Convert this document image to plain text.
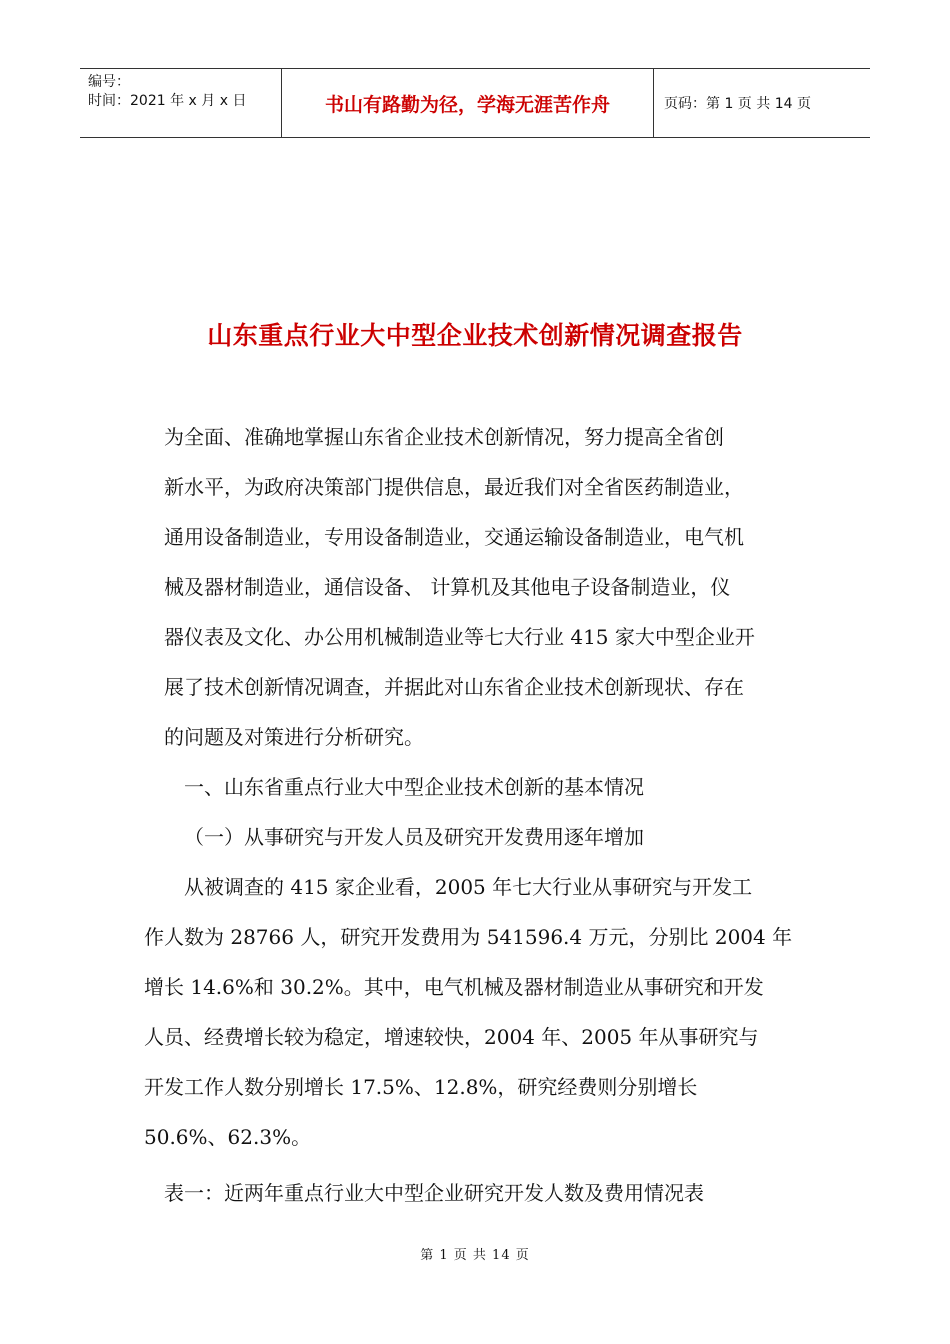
编号：
时间：2021 年 x 月 x 日	书山有路勤为径，学海无涯苦作舟	页码：第 1 页 共 14 页
山东重点行业大中型企业技术创新情况调查报告

为全面、准确地掌握山东省企业技术创新情况，努力提高全省创
新水平，为政府决策部门提供信息，最近我们对全省医药制造业，
通用设备制造业，专用设备制造业，交通运输设备制造业，电气机
械及器材制造业，通信设备、 计算机及其他电子设备制造业，仪
器仪表及文化、办公用机械制造业等七大行业 415 家大中型企业开
展了技术创新情况调查，并据此对山东省企业技术创新现状、存在
的问题及对策进行分析研究。

一、山东省重点行业大中型企业技术创新的基本情况

（一）从事研究与开发人员及研究开发费用逐年增加

从被调查的 415 家企业看，2005 年七大行业从事研究与开发工
作人数为 28766 人，研究开发费用为 541596.4 万元，分别比 2004 年
增长 14.6%和 30.2%。其中，电气机械及器材制造业从事研究和开发
人员、经费增长较为稳定，增速较快，2004 年、2005 年从事研究与
开发工作人数分别增长 17.5%、12.8%，研究经费则分别增长
50.6%、62.3%。

表一：近两年重点行业大中型企业研究开发人数及费用情况表

第 1 页 共 14 页
